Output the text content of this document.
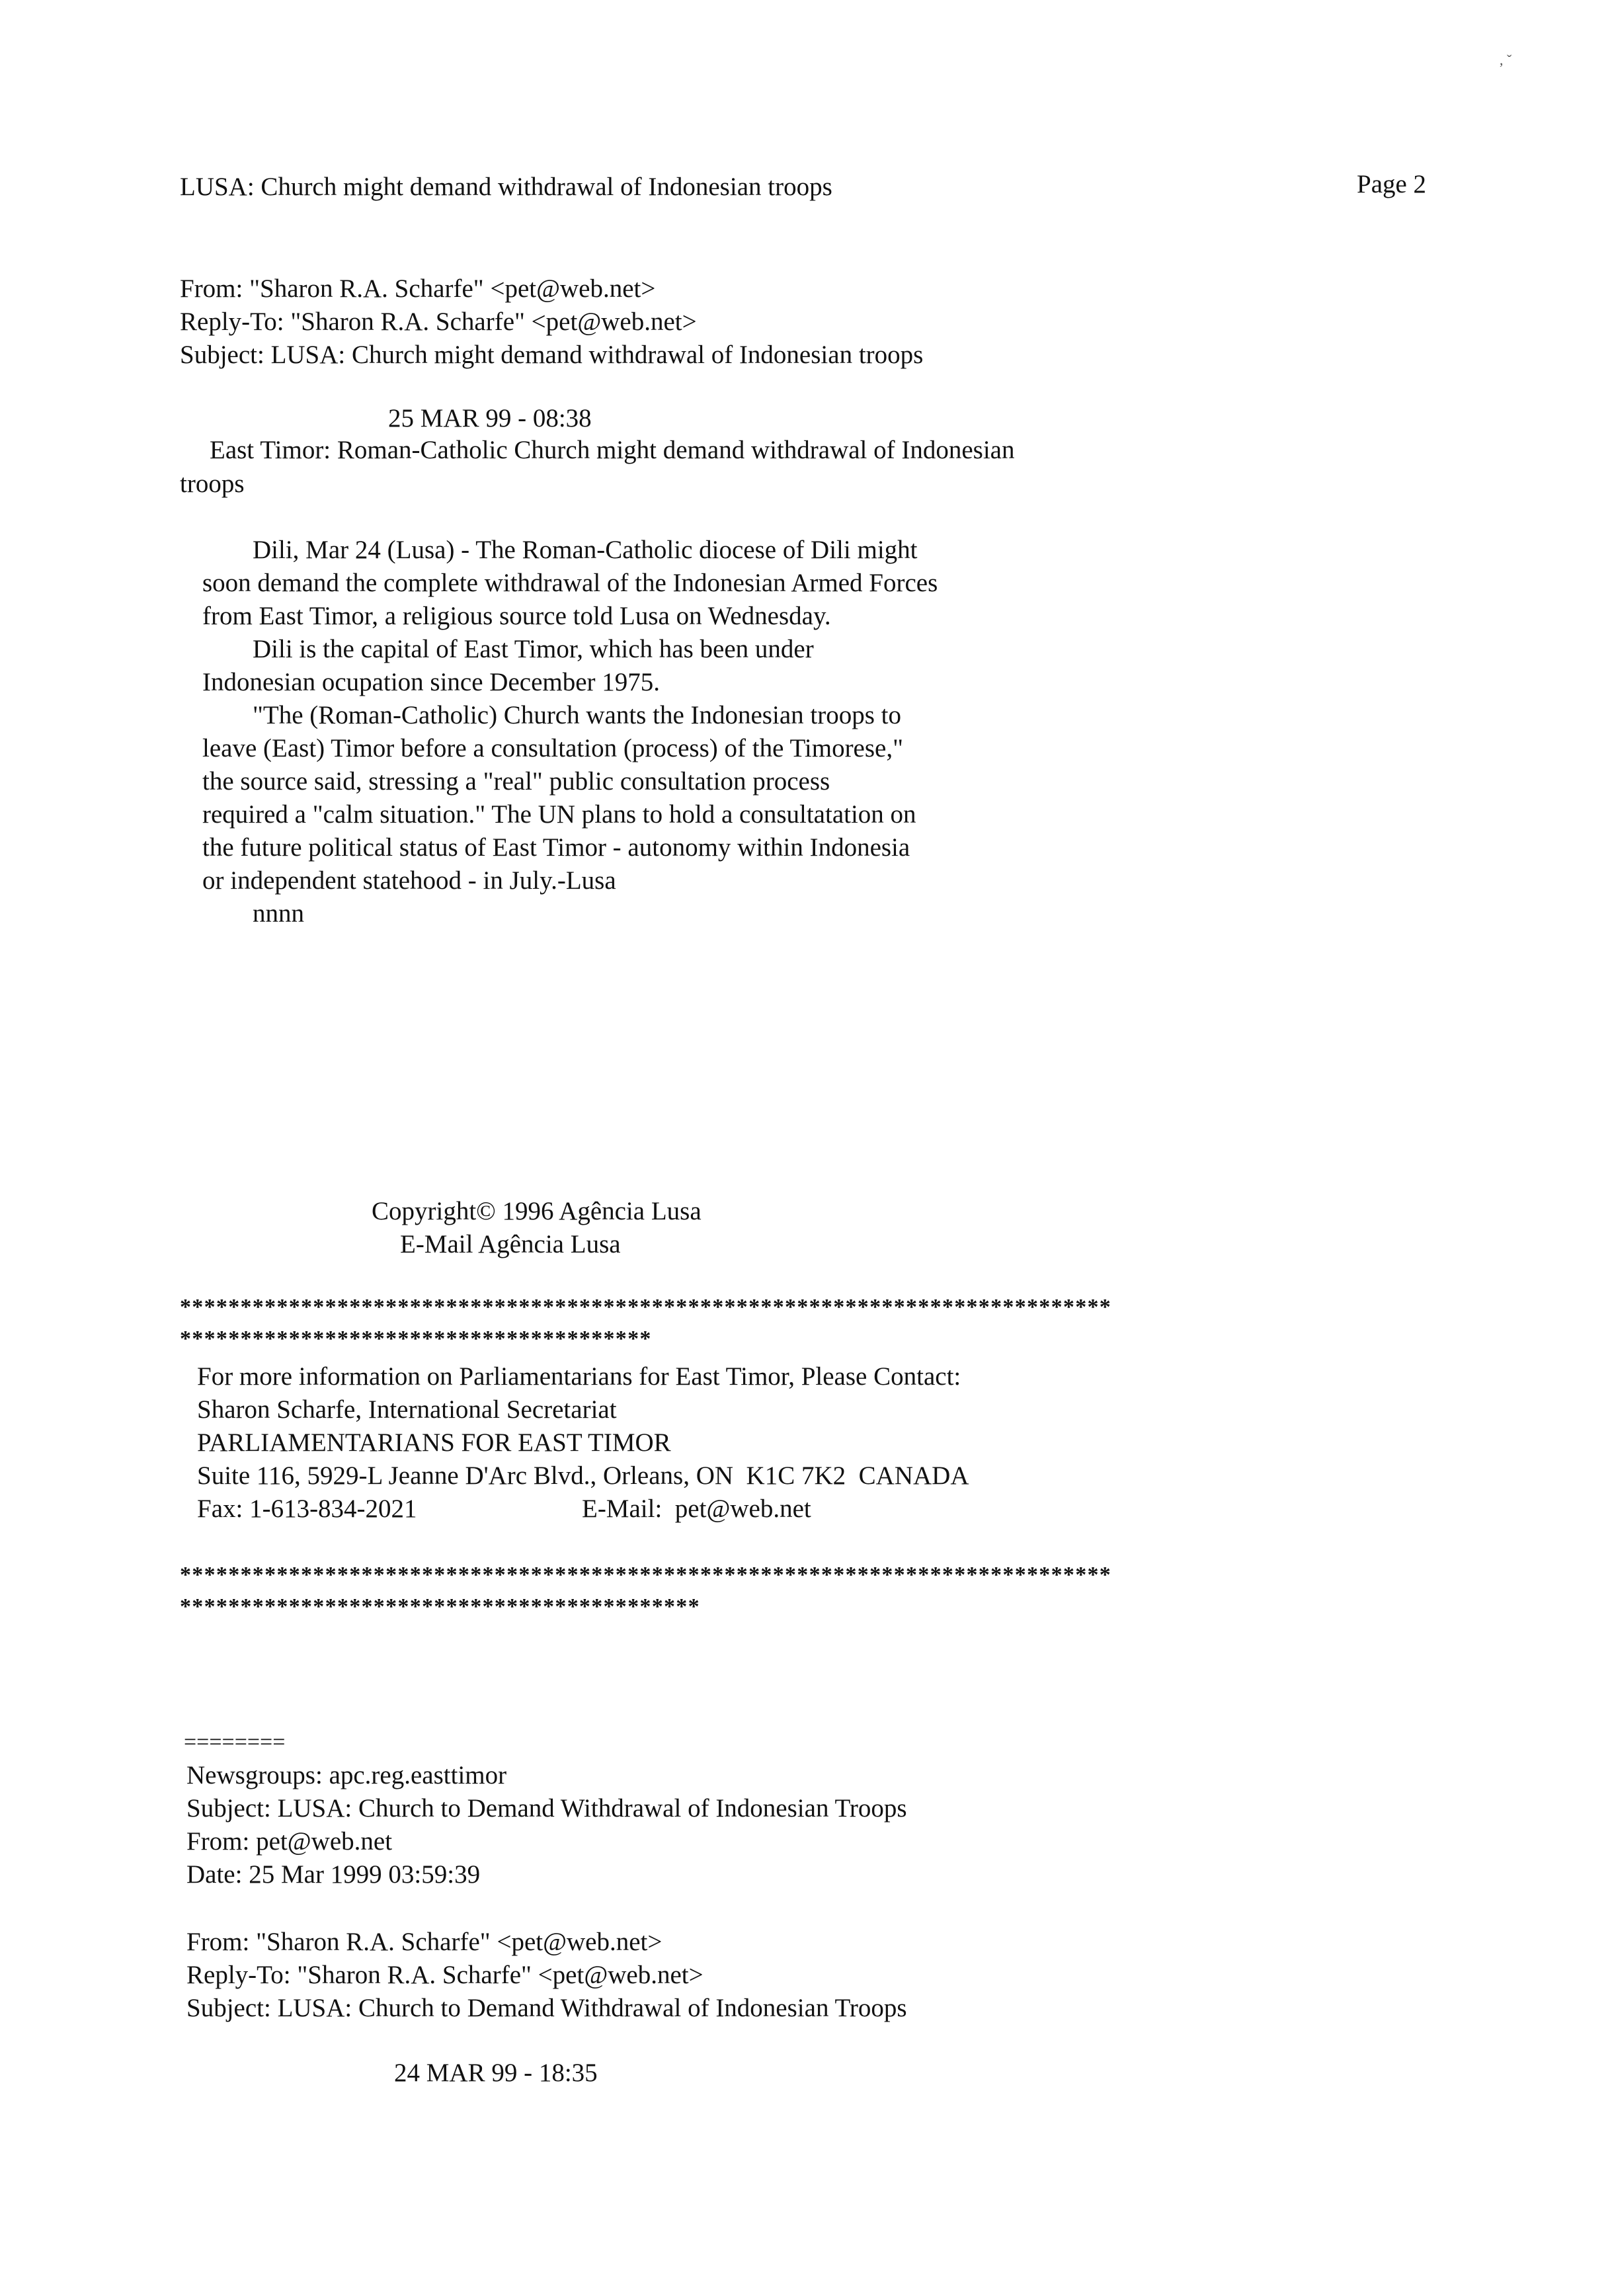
, ˇ

LUSA: Church might demand withdrawal of Indonesian troops	Page 2

From: "Sharon R.A. Scharfe" <pet@web.net>

Reply-To: "Sharon R.A. Scharfe" <pet@web.net>

Subject: LUSA: Church might demand withdrawal of Indonesian troops

25 MAR 99 - 08:38

East Timor: Roman-Catholic Church might demand withdrawal of Indonesian

troops

Dili, Mar 24 (Lusa) - The Roman-Catholic diocese of Dili might

soon demand the complete withdrawal of the Indonesian Armed Forces

from East Timor, a religious source told Lusa on Wednesday.

Dili is the capital of East Timor, which has been under

Indonesian ocupation since December 1975.

"The (Roman-Catholic) Church wants the Indonesian troops to

leave (East) Timor before a consultation (process) of the Timorese,"

the source said, stressing a "real" public consultation process

required a "calm situation." The UN plans to hold a consultatation on

the future political status of East Timor - autonomy within Indonesia

or independent statehood - in July.-Lusa

nnnn

Copyright© 1996 Agência Lusa

E-Mail Agência Lusa

*****************************************************************************

***************************************

For more information on Parliamentarians for East Timor, Please Contact:

Sharon Scharfe, International Secretariat

PARLIAMENTARIANS FOR EAST TIMOR

Suite 116, 5929-L Jeanne D'Arc Blvd., Orleans, ON  K1C 7K2  CANADA

Fax: 1-613-834-2021	E-Mail:  pet@web.net

*****************************************************************************

*******************************************

========

Newsgroups: apc.reg.easttimor

Subject: LUSA: Church to Demand Withdrawal of Indonesian Troops

From: pet@web.net

Date: 25 Mar 1999 03:59:39

From: "Sharon R.A. Scharfe" <pet@web.net>

Reply-To: "Sharon R.A. Scharfe" <pet@web.net>

Subject: LUSA: Church to Demand Withdrawal of Indonesian Troops

24 MAR 99 - 18:35
